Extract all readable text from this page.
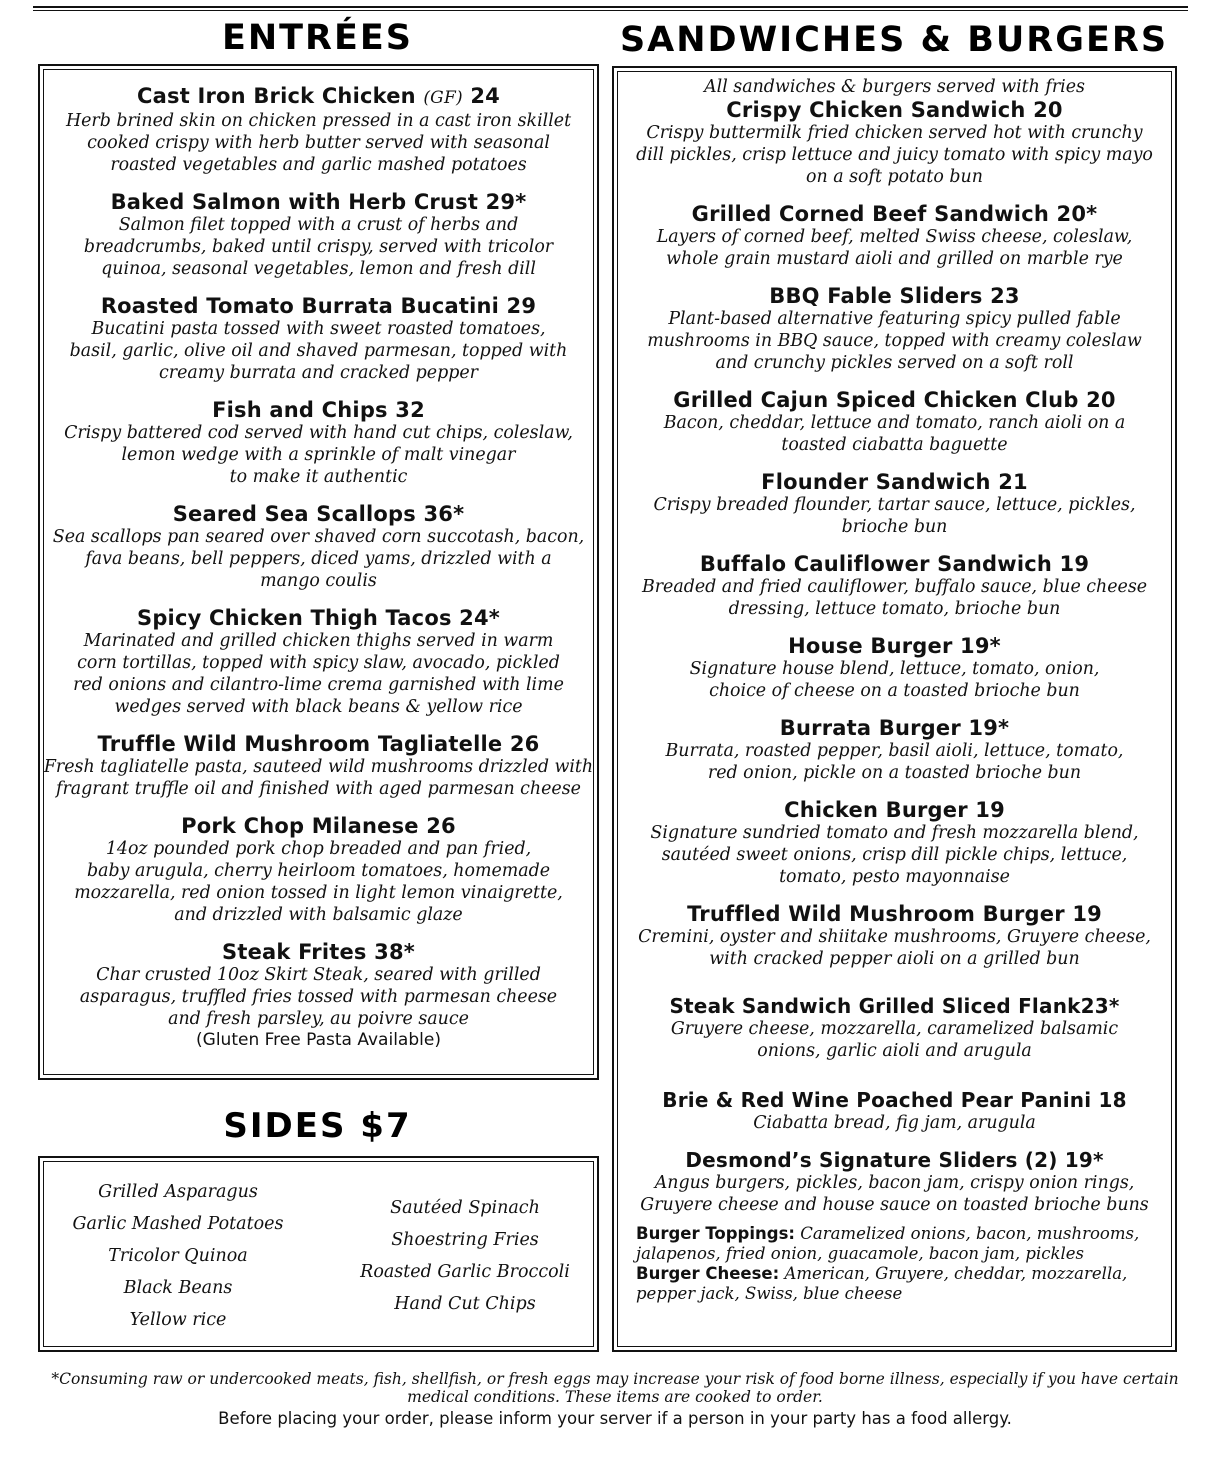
ENTRÉES	SANDWICHES & BURGERS
Cast Iron Brick Chicken (GF) 24

Herb brined skin on chicken pressed in a cast iron skillet
cooked crispy with herb butter served with seasonal
roasted vegetables and garlic mashed potatoes

Baked Salmon with Herb Crust 29*

Salmon filet topped with a crust of herbs and
breadcrumbs, baked until crispy, served with tricolor
quinoa, seasonal vegetables, lemon and fresh dill

Roasted Tomato Burrata Bucatini 29

Bucatini pasta tossed with sweet roasted tomatoes,
basil, garlic, olive oil and shaved parmesan, topped with
creamy burrata and cracked pepper

Fish and Chips 32

Crispy battered cod served with hand cut chips, coleslaw,
lemon wedge with a sprinkle of malt vinegar
to make it authentic

Seared Sea Scallops 36*

Sea scallops pan seared over shaved corn succotash, bacon,
fava beans, bell peppers, diced yams, drizzled with a
mango coulis

Spicy Chicken Thigh Tacos 24*

Marinated and grilled chicken thighs served in warm
corn tortillas, topped with spicy slaw, avocado, pickled
red onions and cilantro-lime crema garnished with lime
wedges served with black beans & yellow rice

Truffle Wild Mushroom Tagliatelle 26

Fresh tagliatelle pasta, sauteed wild mushrooms drizzled with
fragrant truffle oil and finished with aged parmesan cheese

Pork Chop Milanese 26

14oz pounded pork chop breaded and pan fried,
baby arugula, cherry heirloom tomatoes, homemade
mozzarella, red onion tossed in light lemon vinaigrette,
and drizzled with balsamic glaze

Steak Frites 38*

Char crusted 10oz Skirt Steak, seared with grilled
asparagus, truffled fries tossed with parmesan cheese
and fresh parsley, au poivre sauce

(Gluten Free Pasta Available)

All sandwiches & burgers served with fries

Crispy Chicken Sandwich 20

Crispy buttermilk fried chicken served hot with crunchy
dill pickles, crisp lettuce and juicy tomato with spicy mayo
on a soft potato bun

Grilled Corned Beef Sandwich 20*

Layers of corned beef, melted Swiss cheese, coleslaw,
whole grain mustard aioli and grilled on marble rye

BBQ Fable Sliders 23

Plant-based alternative featuring spicy pulled fable
mushrooms in BBQ sauce, topped with creamy coleslaw
and crunchy pickles served on a soft roll

Grilled Cajun Spiced Chicken Club 20

Bacon, cheddar, lettuce and tomato, ranch aioli on a
toasted ciabatta baguette

Flounder Sandwich 21

Crispy breaded flounder, tartar sauce, lettuce, pickles,
brioche bun

Buffalo Cauliflower Sandwich 19

Breaded and fried cauliflower, buffalo sauce, blue cheese
dressing, lettuce tomato, brioche bun

House Burger 19*

Signature house blend, lettuce, tomato, onion,
choice of cheese on a toasted brioche bun

Burrata Burger 19*

Burrata, roasted pepper, basil aioli, lettuce, tomato,
red onion, pickle on a toasted brioche bun

Chicken Burger 19

Signature sundried tomato and fresh mozzarella blend,
sautéed sweet onions, crisp dill pickle chips, lettuce,
tomato, pesto mayonnaise

Truffled Wild Mushroom Burger 19

Cremini, oyster and shiitake mushrooms, Gruyere cheese,
with cracked pepper aioli on a grilled bun

Steak Sandwich Grilled Sliced Flank23*

Gruyere cheese, mozzarella, caramelized balsamic
onions, garlic aioli and arugula

Brie & Red Wine Poached Pear Panini 18

Ciabatta bread, fig jam, arugula

Desmond’s Signature Sliders (2) 19*

Angus burgers, pickles, bacon jam, crispy onion rings,
Gruyere cheese and house sauce on toasted brioche buns

Burger Toppings: Caramelized onions, bacon, mushrooms, jalapenos, fried onion, guacamole, bacon jam, pickles
Burger Cheese: American, Gruyere, cheddar, mozzarella, pepper jack, Swiss, blue cheese
SIDES $7
Grilled Asparagus
Garlic Mashed Potatoes
Tricolor Quinoa
Black Beans
Yellow rice
Sautéed Spinach
Shoestring Fries
Roasted Garlic Broccoli
Hand Cut Chips
*Consuming raw or undercooked meats, fish, shellfish, or fresh eggs may increase your risk of food borne illness, especially if you have certain medical conditions. These items are cooked to order.
Before placing your order, please inform your server if a person in your party has a food allergy.
